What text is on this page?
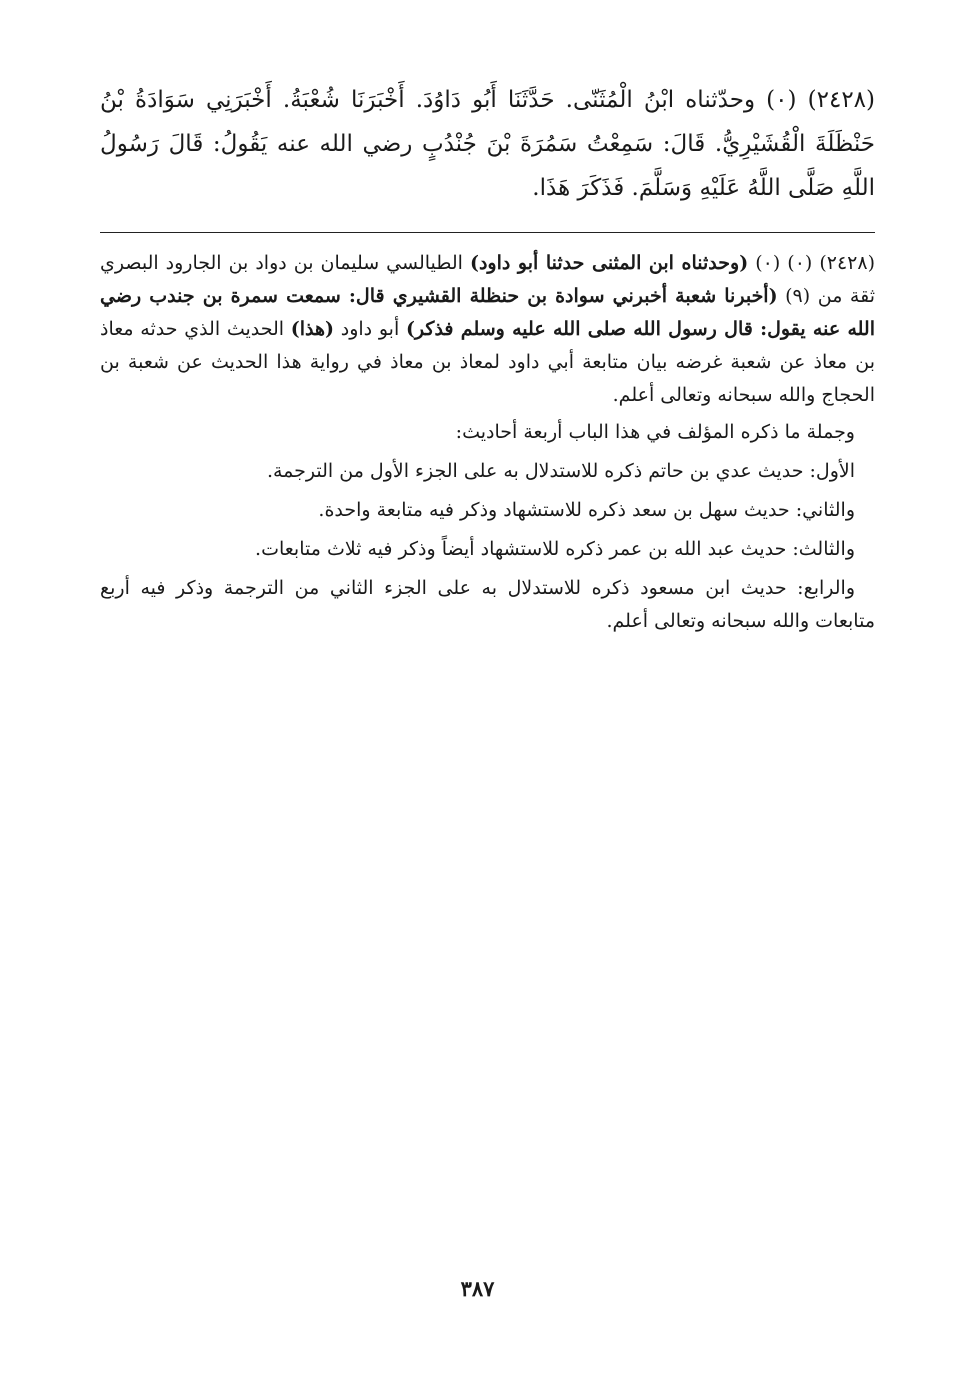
(٢٤٢٨) (٠) وحدّثناه ابْنُ الْمُثَنّى. حَدَّثَنَا أَبُو دَاوُدَ. أَخْبَرَنَا شُعْبَةُ. أَخْبَرَنِي سَوَادَةُ بْنُ حَنْظَلَةَ الْقُشَيْرِيُّ. قَالَ: سَمِعْتُ سَمُرَةَ بْنَ جُنْدُبٍ رضي الله عنه يَقُولُ: قَالَ رَسُولُ اللَّهِ صَلَّى اللَّهُ عَلَيْهِ وَسَلَّمَ. فَذَكَرَ هَذَا.

(٢٤٢٨) (٠) (٠) (وحدثناه ابن المثنى حدثنا أبو داود) الطيالسي سليمان بن دواد بن الجارود البصري ثقة من (٩) (أخبرنا شعبة أخبرني سوادة بن حنظلة القشيري قال: سمعت سمرة بن جندب رضي الله عنه يقول: قال رسول الله صلى الله عليه وسلم فذكر) أبو داود (هذا) الحديث الذي حدثه معاذ بن معاذ عن شعبة غرضه بيان متابعة أبي داود لمعاذ بن معاذ في رواية هذا الحديث عن شعبة بن الحجاج والله سبحانه وتعالى أعلم.

وجملة ما ذكره المؤلف في هذا الباب أربعة أحاديث:

الأول: حديث عدي بن حاتم ذكره للاستدلال به على الجزء الأول من الترجمة.

والثاني: حديث سهل بن سعد ذكره للاستشهاد وذكر فيه متابعة واحدة.

والثالث: حديث عبد الله بن عمر ذكره للاستشهاد أيضاً وذكر فيه ثلاث متابعات.

والرابع: حديث ابن مسعود ذكره للاستدلال به على الجزء الثاني من الترجمة وذكر فيه أربع متابعات والله سبحانه وتعالى أعلم.

٣٨٧
